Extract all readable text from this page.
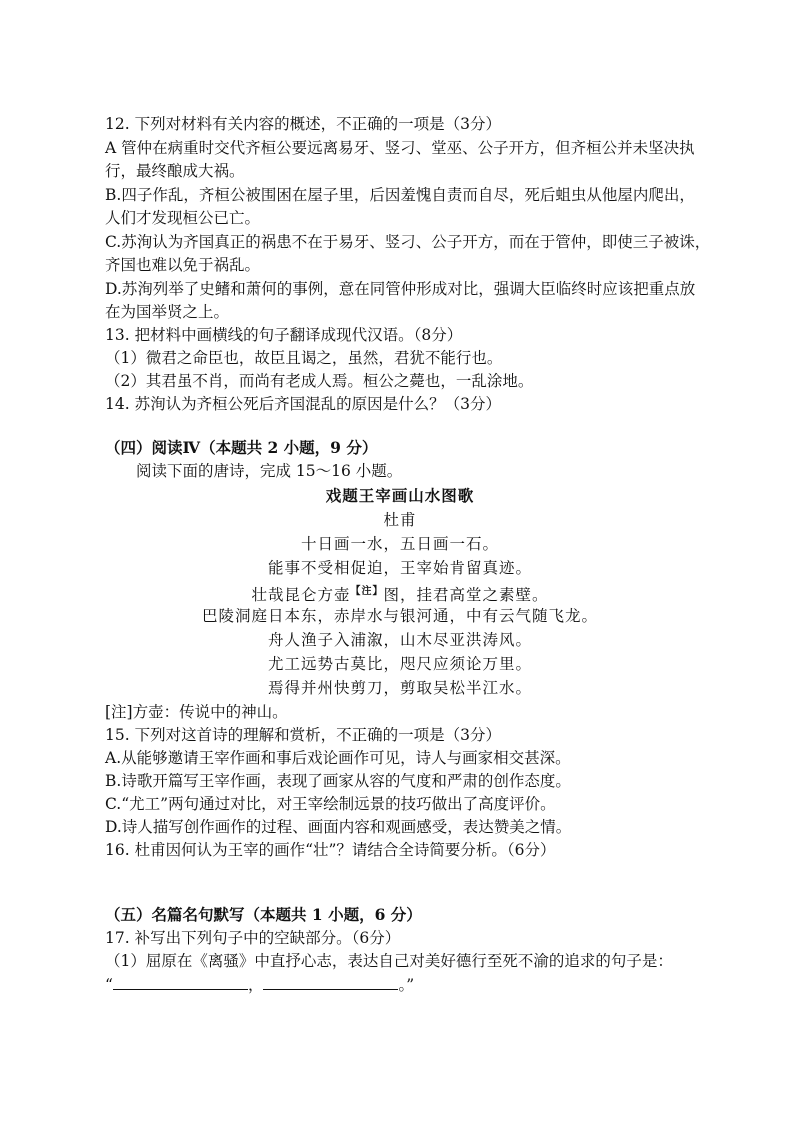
12. 下列对材料有关内容的概述，不正确的一项是（3分）
A 管仲在病重时交代齐桓公要远离易牙、竖刁、堂巫、公子开方，但齐桓公并未坚决执
行，最终酿成大祸。
B.四子作乱，齐桓公被围困在屋子里，后因羞愧自责而自尽，死后蛆虫从他屋内爬出，
人们才发现桓公已亡。
C.苏洵认为齐国真正的祸患不在于易牙、竖刁、公子开方，而在于管仲，即使三子被诛，
齐国也难以免于祸乱。
D.苏洵列举了史鳍和萧何的事例，意在同管仲形成对比，强调大臣临终时应该把重点放
在为国举贤之上。
13. 把材料中画横线的句子翻译成现代汉语。（8分）
（1）微君之命臣也，故臣且谒之，虽然，君犹不能行也。
（2）其君虽不肖，而尚有老成人焉。桓公之薨也，一乱涂地。
14. 苏洵认为齐桓公死后齐国混乱的原因是什么？（3分）
（四）阅读Ⅳ（本题共 2 小题，9 分）
阅读下面的唐诗，完成 15～16 小题。
戏题王宰画山水图歌
杜甫
十日画一水，五日画一石。
能事不受相促迫，王宰始肯留真迹。
壮哉昆仑方壶$^{【注】}$图，挂君高堂之素壁。
巴陵洞庭日本东，赤岸水与银河通，中有云气随飞龙。
舟人渔子入浦溆，山木尽亚洪涛风。
尤工远势古莫比，咫尺应须论万里。
焉得并州快剪刀，剪取吴松半江水。
[注]方壶：传说中的神山。
15. 下列对这首诗的理解和赏析，不正确的一项是（3分）
A.从能够邀请王宰作画和事后戏论画作可见，诗人与画家相交甚深。
B.诗歌开篇写王宰作画，表现了画家从容的气度和严肃的创作态度。
C.“尤工”两句通过对比，对王宰绘制远景的技巧做出了高度评价。
D.诗人描写创作画作的过程、画面内容和观画感受，表达赞美之情。
16. 杜甫因何认为王宰的画作“壮”？请结合全诗简要分析。（6分）
（五）名篇名句默写（本题共 1 小题，6 分）
17. 补写出下列句子中的空缺部分。（6分）
（1）屈原在《离骚》中直抒心志，表达自己对美好德行至死不渝的追求的句子是：
“	，	。”
